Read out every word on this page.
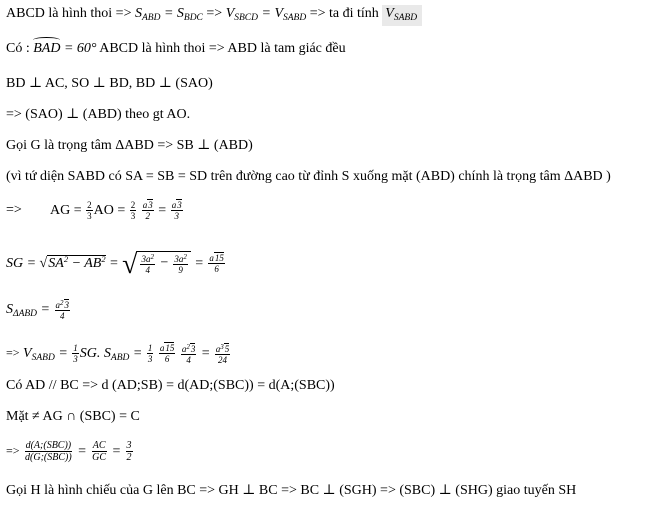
ABCD là hình thoi => $S_{ABD} = S_{BDC} => V_{SBCD} = V_{SABD}$ => ta đi tính $V_{SABD}$
Có : BAD = 60° ABCD là hình thoi => ABD là tam giác đều
BD ⊥ AC, SO ⊥ BD, BD ⊥ (SAO)
=> (SAO) ⊥ (ABD) theo gt AO.
Gọi G là trọng tâm ΔABD => SB ⊥ (ABD)
(vì tứ diện SABD có SA = SB = SD trên đường cao từ đỉnh S xuống mặt (ABD) chính là trọng tâm ΔABD )
=> AG = $\frac{2}{3}$ AO = $\frac{2}{3}$
$\frac{a3}{2} = \frac{a3}{3}$
SG = $√SA^2 - AB^2$ = √ $\frac{3a^2}{4} - \frac{3a^2}{9} = \frac{a15}{6}$
$S_{\Delta ABD} = \frac{a^23}{4}$
=> $V_{SABD} = \frac{1}{3}$ SG. $S_{ABD} = \frac{1}{3}$
$\frac{a15}{6}$
$\frac{a^23}{4} = \frac{a^35}{24}$
Có AD // BC => d (AD;SB) = d(AD;(SBC)) = d(A;(SBC))
Mặt ≠ AG ∩ (SBC) = C
=> $\frac{\text{d(A;(SBC))}}{\text{d(G;(SBC))}} = \frac{AC}{GC} = \frac{3}{2}$
Gọi H là hình chiếu của G lên BC => GH ⊥ BC => BC ⊥ (SGH) => (SBC) ⊥ (SHG) giao tuyến SH
